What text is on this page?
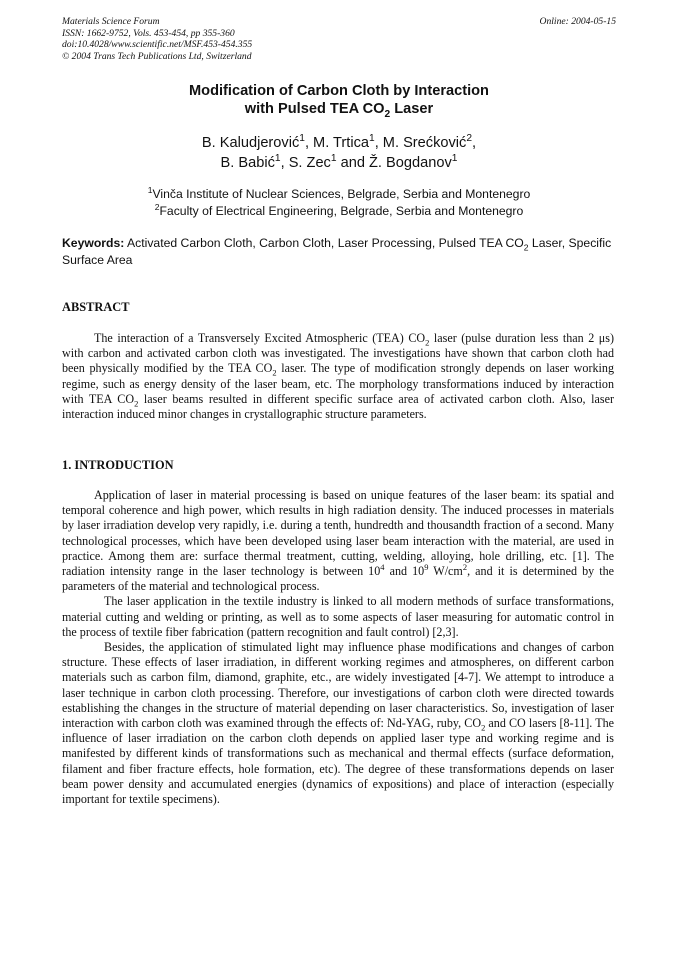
Materials Science Forum
ISSN: 1662-9752, Vols. 453-454, pp 355-360
doi:10.4028/www.scientific.net/MSF.453-454.355
© 2004 Trans Tech Publications Ltd, Switzerland
Online: 2004-05-15
Modification of Carbon Cloth by Interaction
with Pulsed TEA $CO_2$ Laser
B. Kaludjerović$^1$, M. Trtica$^1$, M. Srećković$^2$,
B. Babić$^1$, S. Zec$^1$ and Ž. Bogdanov$^1$
$^1$Vinča Institute of Nuclear Sciences, Belgrade, Serbia and Montenegro
$^2$Faculty of Electrical Engineering, Belgrade, Serbia and Montenegro
Keywords: Activated Carbon Cloth, Carbon Cloth, Laser Processing, Pulsed TEA $CO_2$ Laser, Specific Surface Area
ABSTRACT

The interaction of a Transversely Excited Atmospheric (TEA) $CO_2$ laser (pulse duration less than 2 μs) with carbon and activated carbon cloth was investigated. The investigations have shown that carbon cloth had been physically modified by the TEA $CO_2$ laser. The type of modification strongly depends on laser working regime, such as energy density of the laser beam, etc. The morphology transformations induced by interaction with TEA $CO_2$ laser beams resulted in different specific surface area of activated carbon cloth. Also, laser interaction induced minor changes in crystallographic structure parameters.

1. INTRODUCTION

Application of laser in material processing is based on unique features of the laser beam: its spatial and temporal coherence and high power, which results in high radiation density. The induced processes in materials by laser irradiation develop very rapidly, i.e. during a tenth, hundredth and thousandth fraction of a second. Many technological processes, which have been developed using laser beam interaction with the material, are used in practice. Among them are: surface thermal treatment, cutting, welding, alloying, hole drilling, etc. [1]. The radiation intensity range in the laser technology is between $10^4$ and $10^9$ $W/cm^2$, and it is determined by the parameters of the material and technological process.

The laser application in the textile industry is linked to all modern methods of surface transformations, material cutting and welding or printing, as well as to some aspects of laser measuring for automatic control in the process of textile fiber fabrication (pattern recognition and fault control) [2,3].

Besides, the application of stimulated light may influence phase modifications and changes of carbon structure. These effects of laser irradiation, in different working regimes and atmospheres, on different carbon materials such as carbon film, diamond, graphite, etc., are widely investigated [4-7]. We attempt to introduce a laser technique in carbon cloth processing. Therefore, our investigations of carbon cloth were directed towards establishing the changes in the structure of material depending on laser characteristics. So, investigation of laser interaction with carbon cloth was examined through the effects of: Nd-YAG, ruby, $CO_2$ and CO lasers [8-11]. The influence of laser irradiation on the carbon cloth depends on applied laser type and working regime and is manifested by different kinds of transformations such as mechanical and thermal effects (surface deformation, filament and fiber fracture effects, hole formation, etc). The degree of these transformations depends on laser beam power density and accumulated energies (dynamics of expositions) and place of interaction (especially important for textile specimens).
